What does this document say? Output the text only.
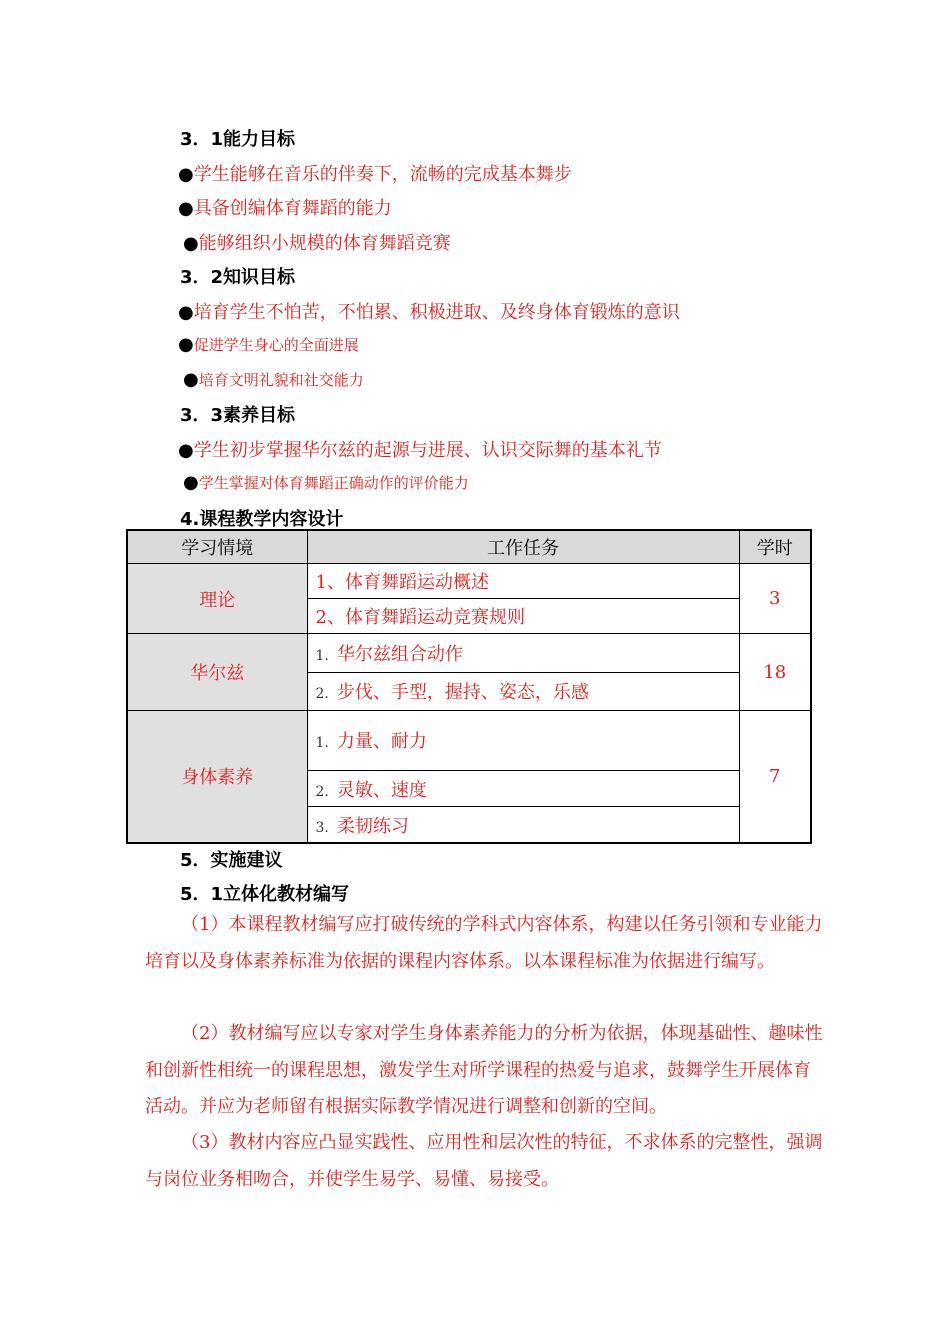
3．1能力目标
●学生能够在音乐的伴奏下，流畅的完成基本舞步
●具备创编体育舞蹈的能力
●能够组织小规模的体育舞蹈竞赛
3．2知识目标
●培育学生不怕苦，不怕累、积极进取、及终身体育锻炼的意识
●促进学生身心的全面进展
●培育文明礼貌和社交能力
3．3素养目标
●学生初步掌握华尔兹的起源与进展、认识交际舞的基本礼节
●学生掌握对体育舞蹈正确动作的评价能力
4.课程教学内容设计
学习情境	工作任务	学时
理论	1、体育舞蹈运动概述	3
	2、体育舞蹈运动竞赛规则	
华尔兹	1. 华尔兹组合动作	18
	2. 步伐、手型，握持、姿态，乐感	
身体素养	1. 力量、耐力	7
	2. 灵敏、速度	
	3. 柔韧练习	
5．实施建议
5．1立体化教材编写
（1）本课程教材编写应打破传统的学科式内容体系，构建以任务引领和专业能力培育以及身体素养标准为依据的课程内容体系。以本课程标准为依据进行编写。
（2）教材编写应以专家对学生身体素养能力的分析为依据，体现基础性、趣味性和创新性相统一的课程思想，激发学生对所学课程的热爱与追求，鼓舞学生开展体育活动。并应为老师留有根据实际教学情况进行调整和创新的空间。
（3）教材内容应凸显实践性、应用性和层次性的特征，不求体系的完整性，强调与岗位业务相吻合，并使学生易学、易懂、易接受。
